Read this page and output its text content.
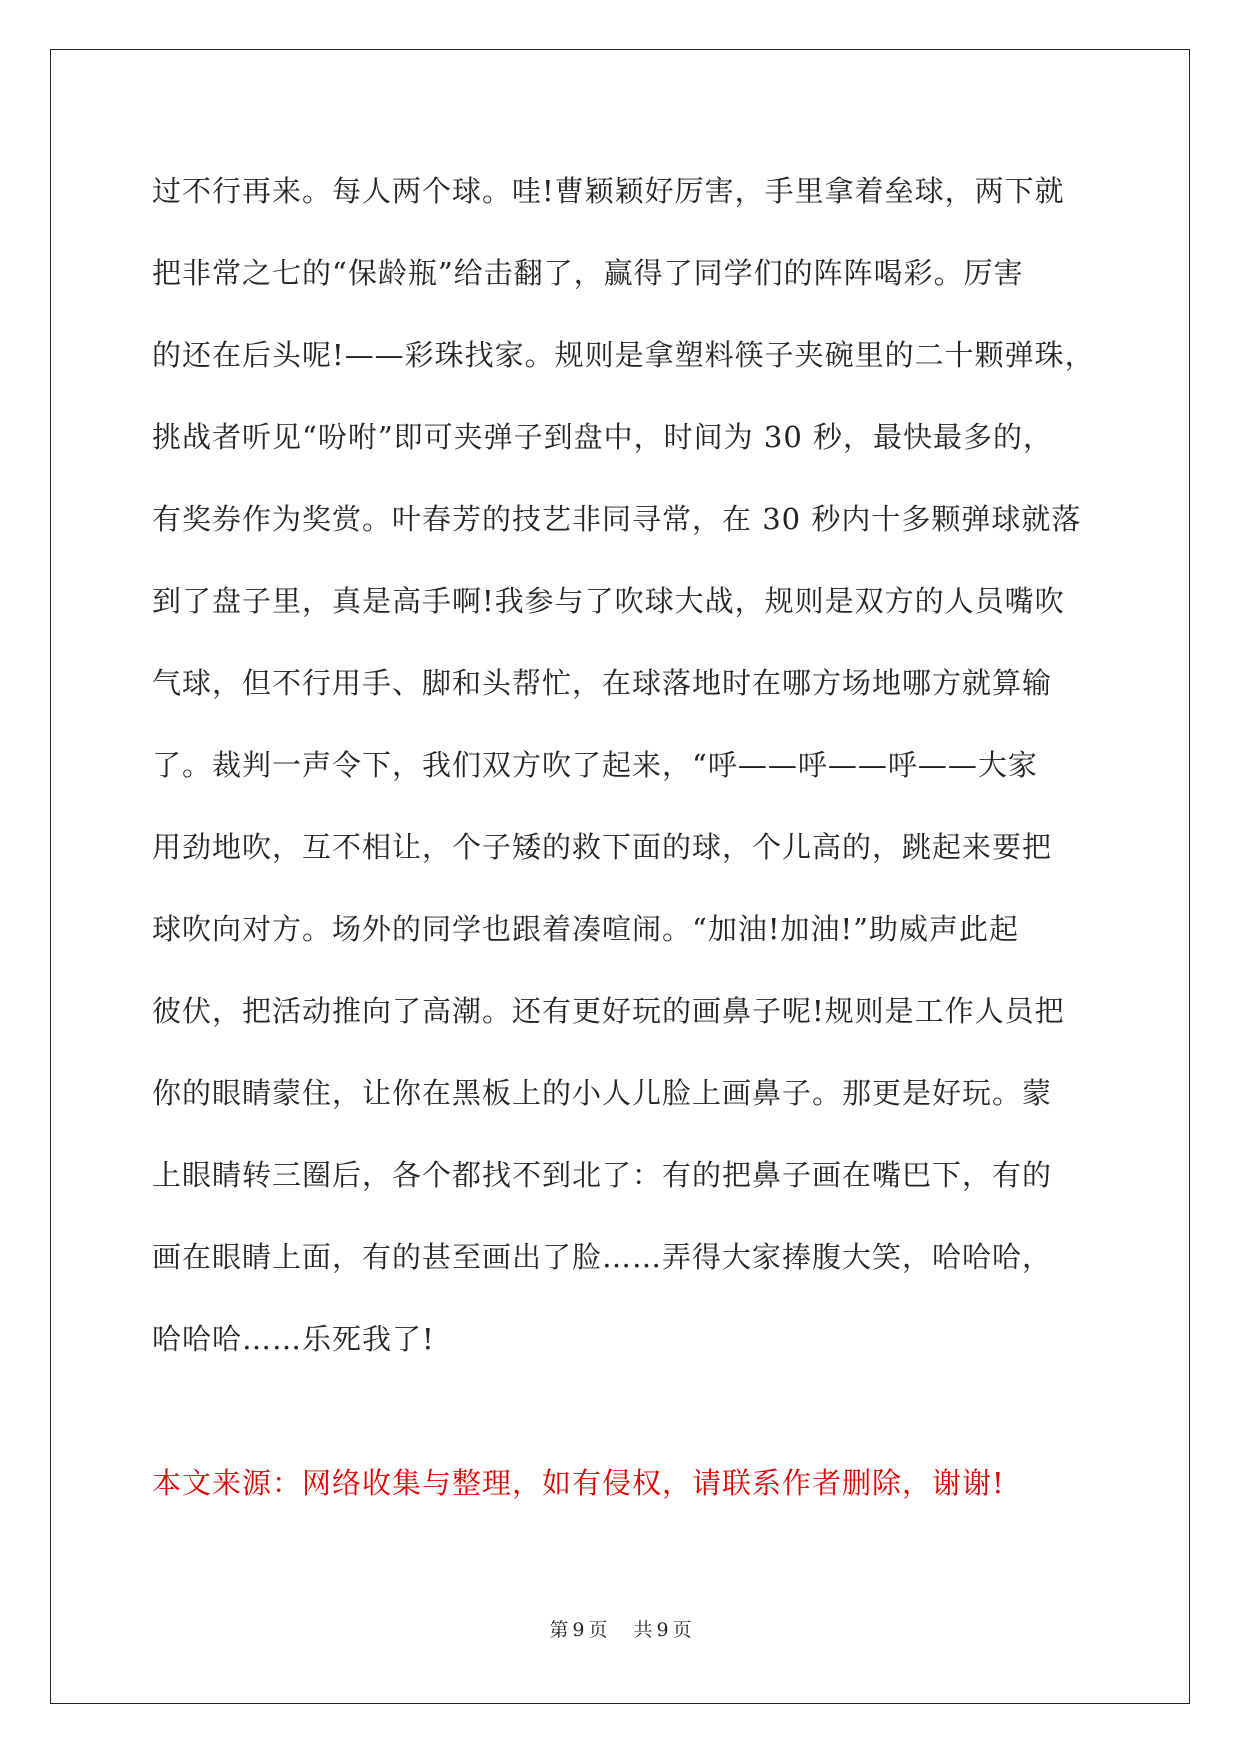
过不行再来。每人两个球。哇!曹颖颖好厉害，手里拿着垒球，两下就
把非常之七的“保龄瓶”给击翻了，赢得了同学们的阵阵喝彩。厉害
的还在后头呢!——彩珠找家。规则是拿塑料筷子夹碗里的二十颗弹珠，
挑战者听见“吩咐”即可夹弹子到盘中，时间为 30 秒，最快最多的，
有奖券作为奖赏。叶春芳的技艺非同寻常，在 30 秒内十多颗弹球就落
到了盘子里，真是高手啊!我参与了吹球大战，规则是双方的人员嘴吹
气球，但不行用手、脚和头帮忙，在球落地时在哪方场地哪方就算输
了。裁判一声令下，我们双方吹了起来，“呼——呼——呼——大家
用劲地吹，互不相让，个子矮的救下面的球，个儿高的，跳起来要把
球吹向对方。场外的同学也跟着凑喧闹。“加油!加油!”助威声此起
彼伏，把活动推向了高潮。还有更好玩的画鼻子呢!规则是工作人员把
你的眼睛蒙住，让你在黑板上的小人儿脸上画鼻子。那更是好玩。蒙
上眼睛转三圈后，各个都找不到北了：有的把鼻子画在嘴巴下，有的
画在眼睛上面，有的甚至画出了脸……弄得大家捧腹大笑，哈哈哈，
哈哈哈……乐死我了!
本文来源：网络收集与整理，如有侵权，请联系作者删除，谢谢!
第 9 页 共 9 页
